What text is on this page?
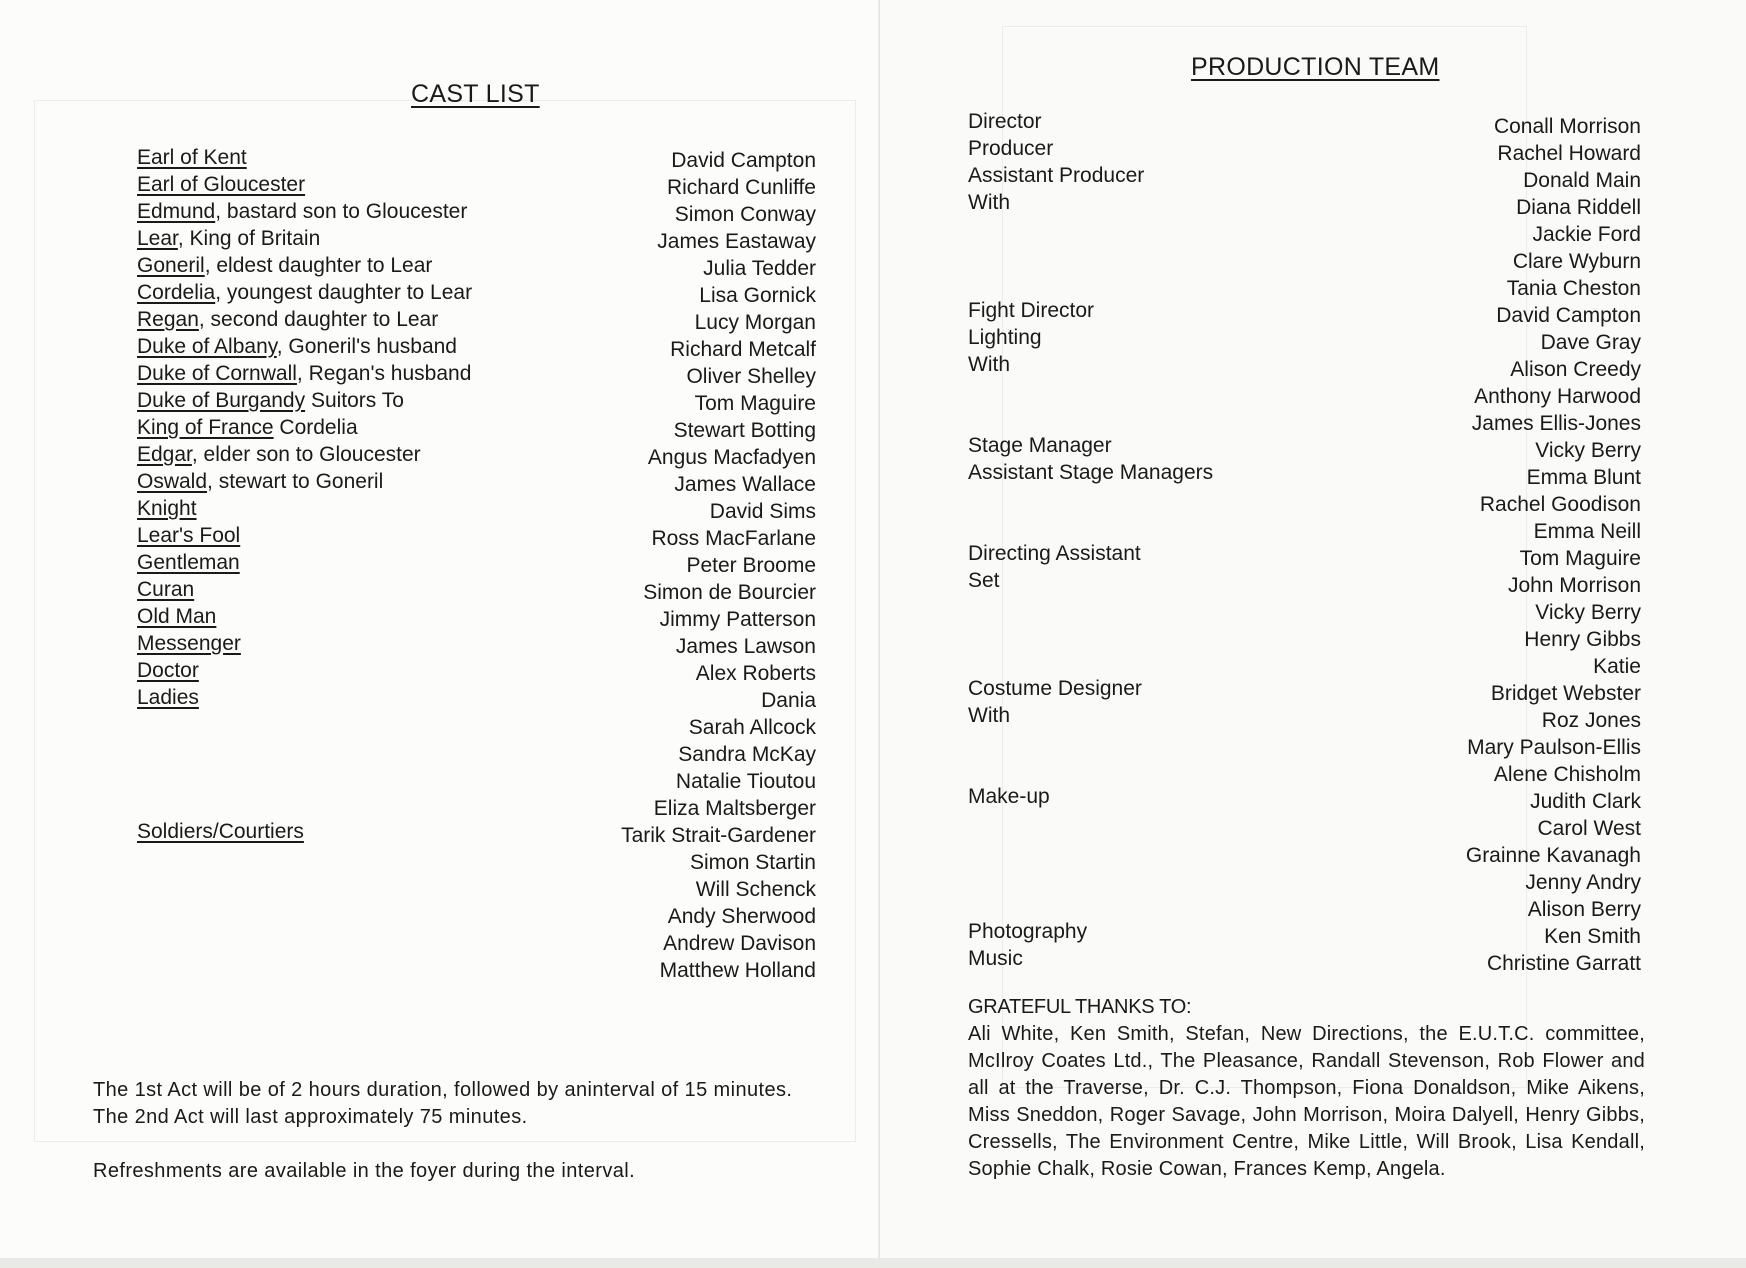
CAST LIST
Earl of Kent
Earl of Gloucester
Edmund, bastard son to Gloucester
Lear, King of Britain
Goneril, eldest daughter to Lear
Cordelia, youngest daughter to Lear
Regan, second daughter to Lear
Duke of Albany, Goneril's husband
Duke of Cornwall, Regan's husband
Duke of Burgandy Suitors To
King of France Cordelia
Edgar, elder son to Gloucester
Oswald, stewart to Goneril
Knight
Lear's Fool
Gentleman
Curan
Old Man
Messenger
Doctor
Ladies
Soldiers/Courtiers
David Campton
Richard Cunliffe
Simon Conway
James Eastaway
Julia Tedder
Lisa Gornick
Lucy Morgan
Richard Metcalf
Oliver Shelley
Tom Maguire
Stewart Botting
Angus Macfadyen
James Wallace
David Sims
Ross MacFarlane
Peter Broome
Simon de Bourcier
Jimmy Patterson
James Lawson
Alex Roberts
Dania
Sarah Allcock
Sandra McKay
Natalie Tioutou
Eliza Maltsberger
Tarik Strait-Gardener
Simon Startin
Will Schenck
Andy Sherwood
Andrew Davison
Matthew Holland

The 1st Act will be of 2 hours duration, followed by aninterval of 15 minutes. The 2nd Act will last approximately 75 minutes.

Refreshments are available in the foyer during the interval.

PRODUCTION TEAM
Director
Producer
Assistant Producer
With

Fight Director
Lighting
With

Stage Manager
Assistant Stage Managers

Directing Assistant
Set

Costume Designer
With

Make-up

Photography
Music
Conall Morrison
Rachel Howard
Donald Main
Diana Riddell
Jackie Ford
Clare Wyburn
Tania Cheston
David Campton
Dave Gray
Alison Creedy
Anthony Harwood
James Ellis-Jones
Vicky Berry
Emma Blunt
Rachel Goodison
Emma Neill
Tom Maguire
John Morrison
Vicky Berry
Henry Gibbs
Katie
Bridget Webster
Roz Jones
Mary Paulson-Ellis
Alene Chisholm
Judith Clark
Carol West
Grainne Kavanagh
Jenny Andry
Alison Berry
Ken Smith
Christine Garratt

GRATEFUL THANKS TO:

Ali White, Ken Smith, Stefan, New Directions, the E.U.T.C. committee, McIlroy Coates Ltd., The Pleasance, Randall Stevenson, Rob Flower and all at the Traverse, Dr. C.J. Thompson, Fiona Donaldson, Mike Aikens, Miss Sneddon, Roger Savage, John Morrison, Moira Dalyell, Henry Gibbs, Cressells, The Environment Centre, Mike Little, Will Brook, Lisa Kendall, Sophie Chalk, Rosie Cowan, Frances Kemp, Angela.
